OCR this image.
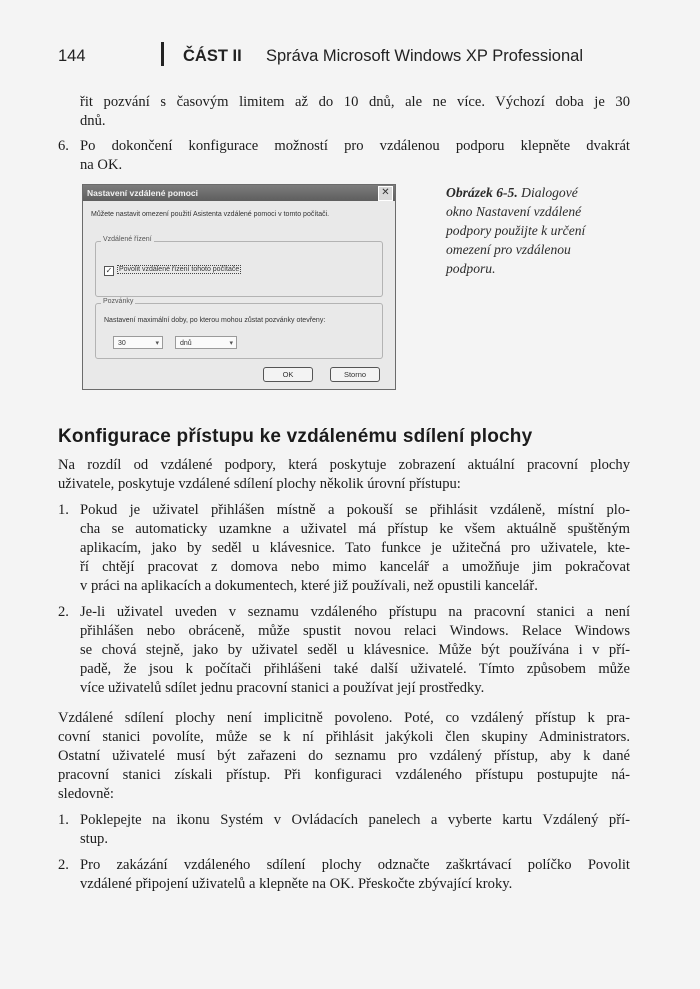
144	ČÁST II Správa Microsoft Windows XP Professional
řit pozvání s časovým limitem až do 10 dnů, ale ne více. Výchozí doba je 30
dnů.
6. Po dokončení konfigurace možností pro vzdálenou podporu klepněte dvakrát
na OK.
Nastavení vzdálené pomoci	✕
Můžete nastavit omezení použití Asistenta vzdálené pomoci v tomto počítači.
Vzdálené řízení
✓ Povolit vzdálené řízení tohoto počítače
Pozvánky
Nastavení maximální doby, po kterou mohou zůstat pozvánky otevřeny:
30	▾	dnů	▾
OK	Storno
Obrázek 6-5. Dialogové
okno Nastavení vzdálené
podpory použijte k určení
omezení pro vzdálenou
podporu.
Konfigurace přístupu ke vzdálenému sdílení plochy
Na rozdíl od vzdálené podpory, která poskytuje zobrazení aktuální pracovní plochy
uživatele, poskytuje vzdálené sdílení plochy několik úrovní přístupu:
1. Pokud je uživatel přihlášen místně a pokouší se přihlásit vzdáleně, místní plo-
cha se automaticky uzamkne a uživatel má přístup ke všem aktuálně spuštěným
aplikacím, jako by seděl u klávesnice. Tato funkce je užitečná pro uživatele, kte-
ří chtějí pracovat z domova nebo mimo kancelář a umožňuje jim pokračovat
v práci na aplikacích a dokumentech, které již používali, než opustili kancelář.
2. Je-li uživatel uveden v seznamu vzdáleného přístupu na pracovní stanici a není
přihlášen nebo obráceně, může spustit novou relaci Windows. Relace Windows
se chová stejně, jako by uživatel seděl u klávesnice. Může být používána i v pří-
padě, že jsou k počítači přihlášeni také další uživatelé. Tímto způsobem může
více uživatelů sdílet jednu pracovní stanici a používat její prostředky.
Vzdálené sdílení plochy není implicitně povoleno. Poté, co vzdálený přístup k pra-
covní stanici povolíte, může se k ní přihlásit jakýkoli člen skupiny Administrators.
Ostatní uživatelé musí být zařazeni do seznamu pro vzdálený přístup, aby k dané
pracovní stanici získali přístup. Při konfiguraci vzdáleného přístupu postupujte ná-
sledovně:
1. Poklepejte na ikonu Systém v Ovládacích panelech a vyberte kartu Vzdálený pří-
stup.
2. Pro zakázání vzdáleného sdílení plochy odznačte zaškrtávací políčko Povolit
vzdálené připojení uživatelů a klepněte na OK. Přeskočte zbývající kroky.
